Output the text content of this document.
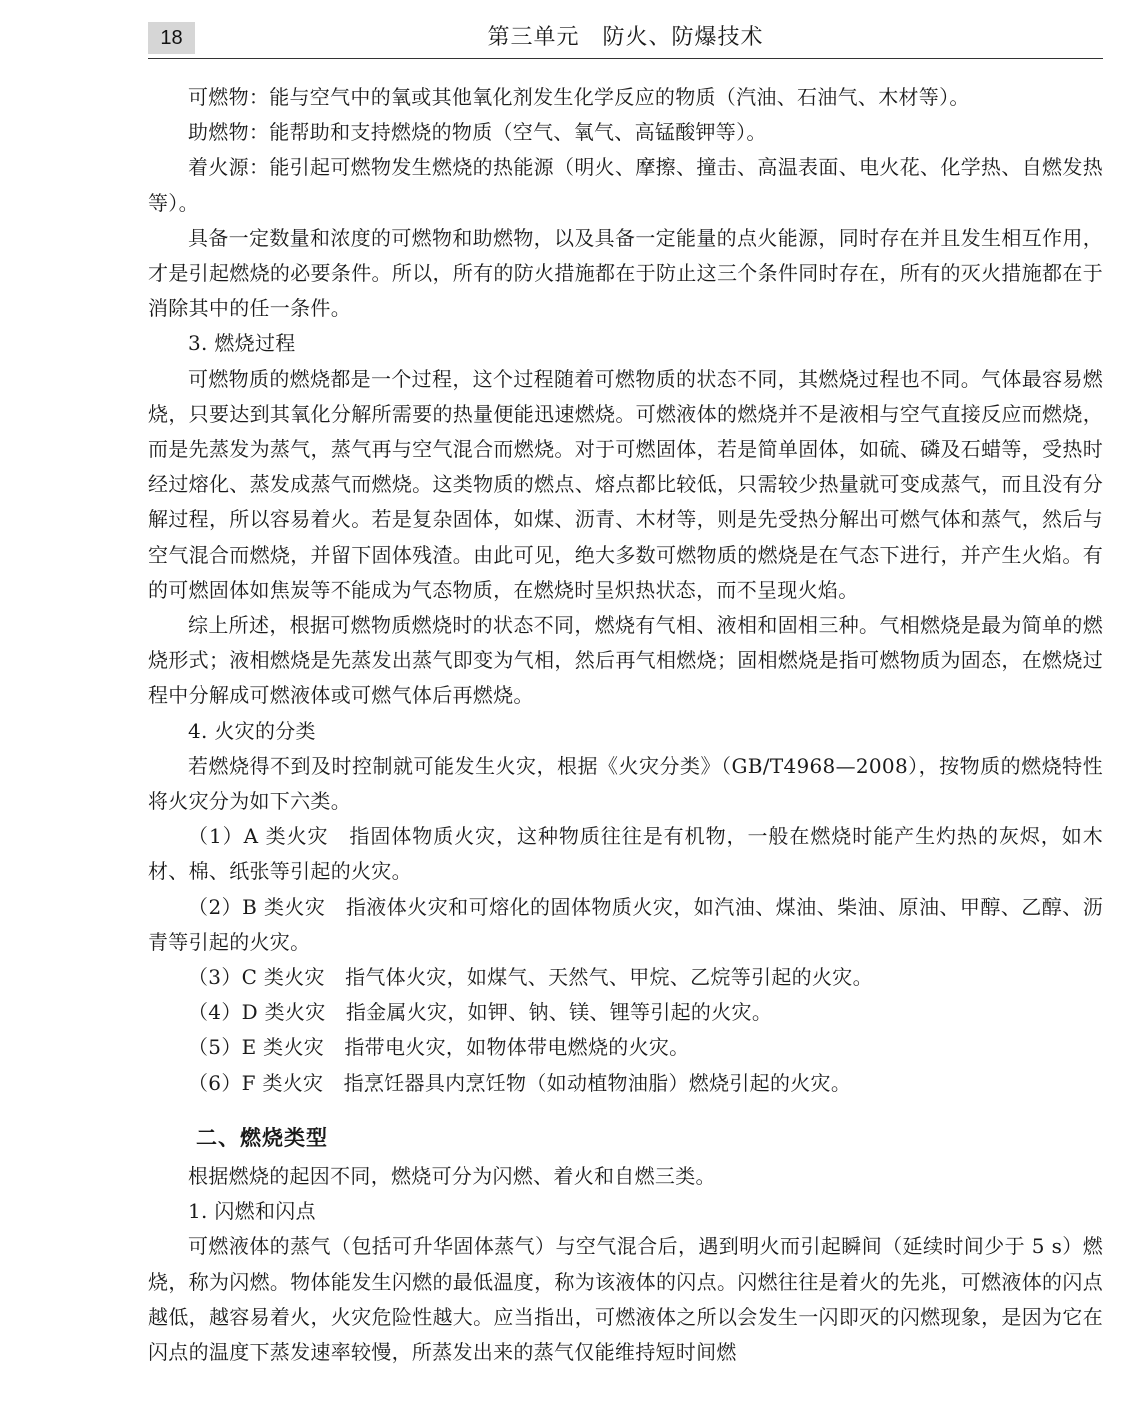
18	第三单元　防火、防爆技术

可燃物：能与空气中的氧或其他氧化剂发生化学反应的物质（汽油、石油气、木材等）。

助燃物：能帮助和支持燃烧的物质（空气、氧气、高锰酸钾等）。

着火源：能引起可燃物发生燃烧的热能源（明火、摩擦、撞击、高温表面、电火花、化学热、自燃发热等）。

具备一定数量和浓度的可燃物和助燃物，以及具备一定能量的点火能源，同时存在并且发生相互作用，才是引起燃烧的必要条件。所以，所有的防火措施都在于防止这三个条件同时存在，所有的灭火措施都在于消除其中的任一条件。

3. 燃烧过程

可燃物质的燃烧都是一个过程，这个过程随着可燃物质的状态不同，其燃烧过程也不同。气体最容易燃烧，只要达到其氧化分解所需要的热量便能迅速燃烧。可燃液体的燃烧并不是液相与空气直接反应而燃烧，而是先蒸发为蒸气，蒸气再与空气混合而燃烧。对于可燃固体，若是简单固体，如硫、磷及石蜡等，受热时经过熔化、蒸发成蒸气而燃烧。这类物质的燃点、熔点都比较低，只需较少热量就可变成蒸气，而且没有分解过程，所以容易着火。若是复杂固体，如煤、沥青、木材等，则是先受热分解出可燃气体和蒸气，然后与空气混合而燃烧，并留下固体残渣。由此可见，绝大多数可燃物质的燃烧是在气态下进行，并产生火焰。有的可燃固体如焦炭等不能成为气态物质，在燃烧时呈炽热状态，而不呈现火焰。

综上所述，根据可燃物质燃烧时的状态不同，燃烧有气相、液相和固相三种。气相燃烧是最为简单的燃烧形式；液相燃烧是先蒸发出蒸气即变为气相，然后再气相燃烧；固相燃烧是指可燃物质为固态，在燃烧过程中分解成可燃液体或可燃气体后再燃烧。

4. 火灾的分类

若燃烧得不到及时控制就可能发生火灾，根据《火灾分类》（GB/T4968—2008），按物质的燃烧特性将火灾分为如下六类。

（1）A 类火灾　指固体物质火灾，这种物质往往是有机物，一般在燃烧时能产生灼热的灰烬，如木材、棉、纸张等引起的火灾。

（2）B 类火灾　指液体火灾和可熔化的固体物质火灾，如汽油、煤油、柴油、原油、甲醇、乙醇、沥青等引起的火灾。

（3）C 类火灾　指气体火灾，如煤气、天然气、甲烷、乙烷等引起的火灾。

（4）D 类火灾　指金属火灾，如钾、钠、镁、锂等引起的火灾。

（5）E 类火灾　指带电火灾，如物体带电燃烧的火灾。

（6）F 类火灾　指烹饪器具内烹饪物（如动植物油脂）燃烧引起的火灾。

二、燃烧类型

根据燃烧的起因不同，燃烧可分为闪燃、着火和自燃三类。

1. 闪燃和闪点

可燃液体的蒸气（包括可升华固体蒸气）与空气混合后，遇到明火而引起瞬间（延续时间少于 5 s）燃烧，称为闪燃。物体能发生闪燃的最低温度，称为该液体的闪点。闪燃往往是着火的先兆，可燃液体的闪点越低，越容易着火，火灾危险性越大。应当指出，可燃液体之所以会发生一闪即灭的闪燃现象，是因为它在闪点的温度下蒸发速率较慢，所蒸发出来的蒸气仅能维持短时间燃
